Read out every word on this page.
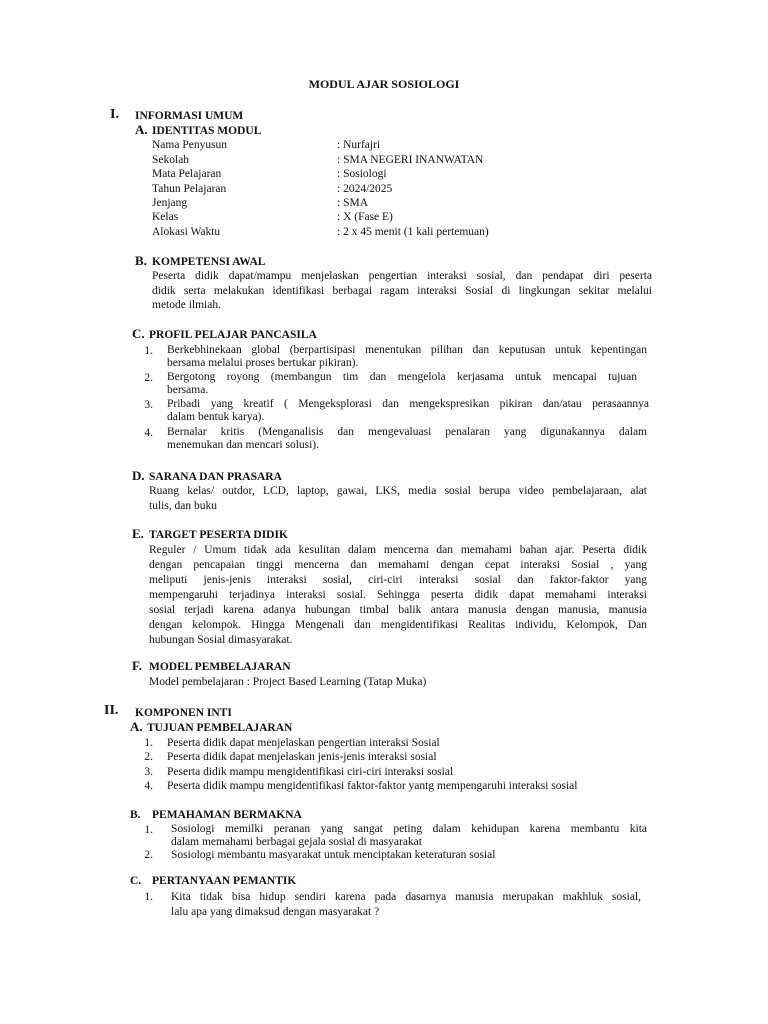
MODUL AJAR SOSIOLOGI
I. INFORMASI UMUM
A. IDENTITAS MODUL
Nama Penyusun	: Nurfajri
Sekolah	: SMA NEGERI INANWATAN
Mata Pelajaran	: Sosiologi
Tahun Pelajaran	: 2024/2025
Jenjang	: SMA
Kelas	: X (Fase E)
Alokasi Waktu	: 2 x 45 menit (1 kali pertemuan)
B. KOMPETENSI AWAL
Peserta didik dapat/mampu menjelaskan pengertian interaksi sosial, dan pendapat diri peserta
didik serta melakukan identifikasi berbagai ragam interaksi Sosial di lingkungan sekitar melalui
metode ilmiah.
C. PROFIL PELAJAR PANCASILA
1. Berkebhinekaan global (berpartisipasi menentukan pilihan dan keputusan untuk kepentingan
bersama melalui proses bertukar pikiran).
2. Bergotong royong (membangun tim dan mengelola kerjasama untuk mencapai tujuan
bersama.
3. Pribadi yang kreatif ( Mengeksplorasi dan mengekspresikan pikiran dan/atau perasaannya
dalam bentuk karya).
4. Bernalar kritis (Menganalisis dan mengevaluasi penalaran yang digunakannya dalam
menemukan dan mencari solusi).
D. SARANA DAN PRASARA
Ruang kelas/ outdor, LCD, laptop, gawai, LKS, media sosial berupa video pembelajaraan, alat
tulis, dan buku
E. TARGET PESERTA DIDIK
Reguler / Umum tidak ada kesulitan dalam mencerna dan memahami bahan ajar. Peserta didik
dengan pencapaian tinggi mencerna dan memahami dengan cepat interaksi Sosial , yang
meliputi jenis-jenis interaksi sosial, ciri-ciri interaksi sosial dan faktor-faktor yang
mempengaruhi terjadinya interaksi sosial. Sehingga peserta didik dapat memahami interaksi
sosial terjadi karena adanya hubungan timbal balik antara manusia dengan manusia, manusia
dengan kelompok. Hingga Mengenali dan mengidentifikasi Realitas individu, Kelompok, Dan
hubungan Sosial dimasyarakat.
F. MODEL PEMBELAJARAN
Model pembelajaran : Project Based Learning (Tatap Muka)
II. KOMPONEN INTI
A. TUJUAN PEMBELAJARAN
1. Peserta didik dapat menjelaskan pengertian interaksi Sosial
2. Peserta didik dapat menjelaskan jenis-jenis interaksi sosial
3. Peserta didik mampu mengidentifikasi ciri-ciri interaksi sosial
4. Peserta didik mampu mengidentifikasi faktor-faktor yantg mempengaruhi interaksi sosial
B. PEMAHAMAN BERMAKNA
1. Sosiologi memilki peranan yang sangat peting dalam kehidupan karena membantu kita
dalam memahami berbagai gejala sosial di masyarakat
2. Sosiologi membantu masyarakat untuk menciptakan keteraturan sosial
C. PERTANYAAN PEMANTIK
1. Kita tidak bisa hidup sendiri karena pada dasarnya manusia merupakan makhluk sosial,
lalu apa yang dimaksud dengan masyarakat ?
